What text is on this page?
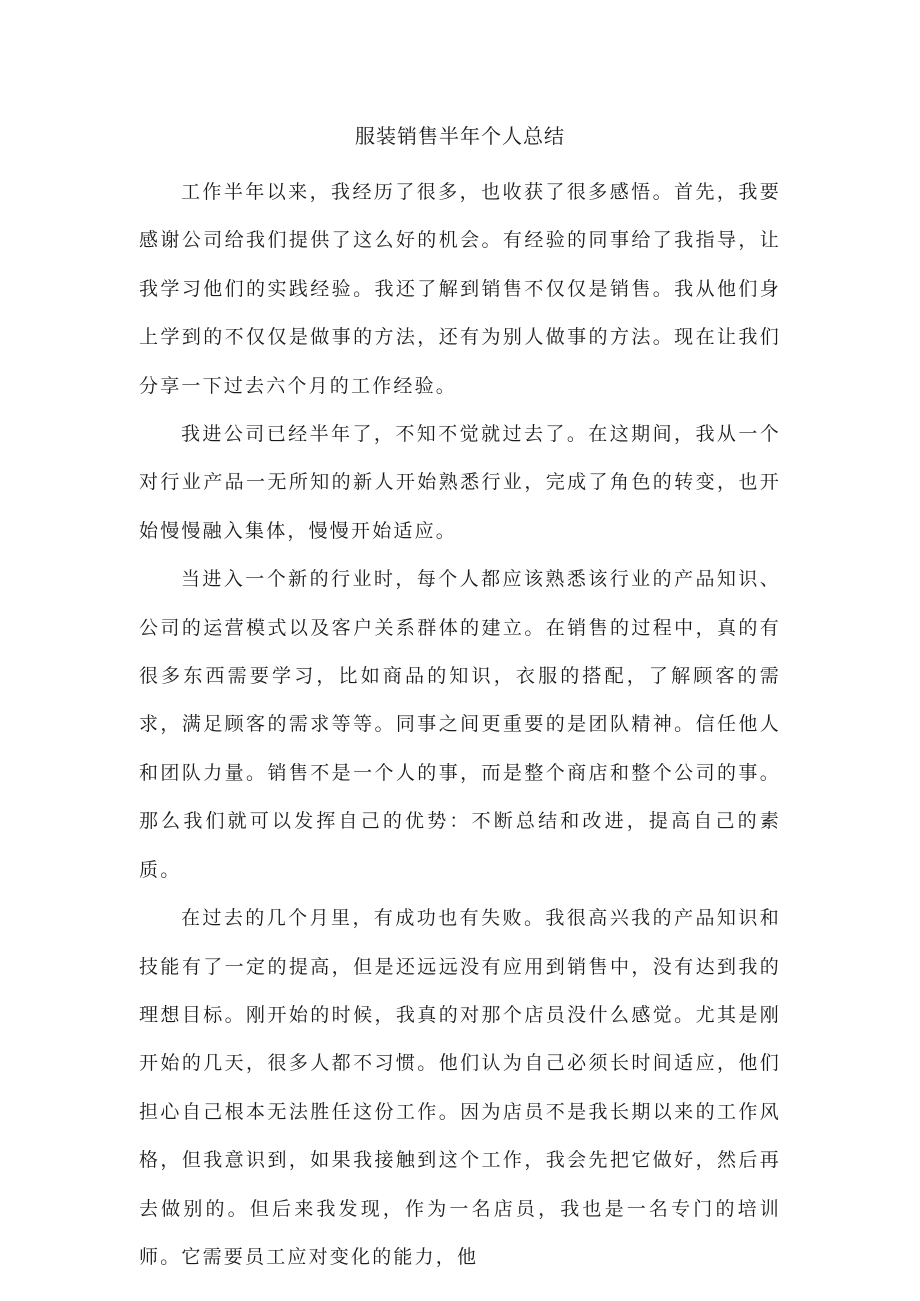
服装销售半年个人总结

工作半年以来，我经历了很多，也收获了很多感悟。首先，我要感谢公司给我们提供了这么好的机会。有经验的同事给了我指导，让我学习他们的实践经验。我还了解到销售不仅仅是销售。我从他们身上学到的不仅仅是做事的方法，还有为别人做事的方法。现在让我们分享一下过去六个月的工作经验。

我进公司已经半年了，不知不觉就过去了。在这期间，我从一个对行业产品一无所知的新人开始熟悉行业，完成了角色的转变，也开始慢慢融入集体，慢慢开始适应。

当进入一个新的行业时，每个人都应该熟悉该行业的产品知识、公司的运营模式以及客户关系群体的建立。在销售的过程中，真的有很多东西需要学习，比如商品的知识，衣服的搭配，了解顾客的需求，满足顾客的需求等等。同事之间更重要的是团队精神。信任他人和团队力量。销售不是一个人的事，而是整个商店和整个公司的事。那么我们就可以发挥自己的优势：不断总结和改进，提高自己的素质。

在过去的几个月里，有成功也有失败。我很高兴我的产品知识和技能有了一定的提高，但是还远远没有应用到销售中，没有达到我的理想目标。刚开始的时候，我真的对那个店员没什么感觉。尤其是刚开始的几天，很多人都不习惯。他们认为自己必须长时间适应，他们担心自己根本无法胜任这份工作。因为店员不是我长期以来的工作风格，但我意识到，如果我接触到这个工作，我会先把它做好，然后再去做别的。但后来我发现，作为一名店员，我也是一名专门的培训师。它需要员工应对变化的能力，他
